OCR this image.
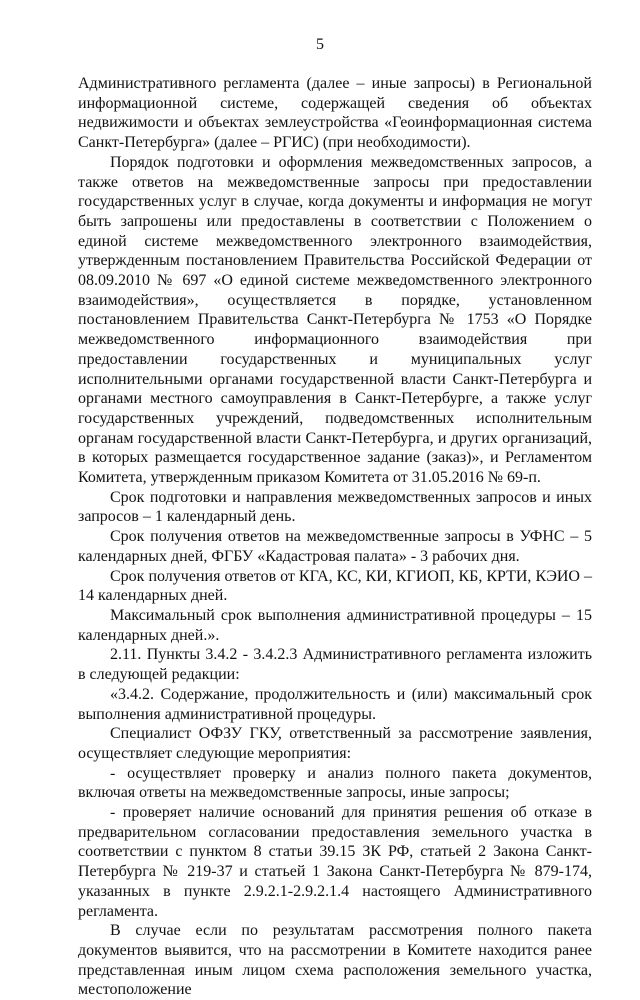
5

Административного регламента (далее – иные запросы) в Региональной информационной системе, содержащей сведения об объектах недвижимости и объектах землеустройства «Геоинформационная система Санкт-Петербурга» (далее – РГИС) (при необходимости).

Порядок подготовки и оформления межведомственных запросов, а также ответов на межведомственные запросы при предоставлении государственных услуг в случае, когда документы и информация не могут быть запрошены или предоставлены в соответствии с Положением о единой системе межведомственного электронного взаимодействия, утвержденным постановлением Правительства Российской Федерации от 08.09.2010 № 697 «О единой системе межведомственного электронного взаимодействия», осуществляется в порядке, установленном постановлением Правительства Санкт-Петербурга № 1753 «О Порядке межведомственного информационного взаимодействия при предоставлении государственных и муниципальных услуг исполнительными органами государственной власти Санкт-Петербурга и органами местного самоуправления в Санкт-Петербурге, а также услуг государственных учреждений, подведомственных исполнительным органам государственной власти Санкт-Петербурга, и других организаций, в которых размещается государственное задание (заказ)», и Регламентом Комитета, утвержденным приказом Комитета от 31.05.2016 № 69-п.

Срок подготовки и направления межведомственных запросов и иных запросов – 1 календарный день.

Срок получения ответов на межведомственные запросы в УФНС – 5 календарных дней, ФГБУ «Кадастровая палата» - 3 рабочих дня.

Срок получения ответов от КГА, КС, КИ, КГИОП, КБ, КРТИ, КЭИО – 14 календарных дней.

Максимальный срок выполнения административной процедуры – 15 календарных дней.».

2.11. Пункты 3.4.2 - 3.4.2.3 Административного регламента изложить в следующей редакции:

«3.4.2. Содержание, продолжительность и (или) максимальный срок выполнения административной процедуры.

Специалист ОФЗУ ГКУ, ответственный за рассмотрение заявления, осуществляет следующие мероприятия:

- осуществляет проверку и анализ полного пакета документов, включая ответы на межведомственные запросы, иные запросы;

- проверяет наличие оснований для принятия решения об отказе в предварительном согласовании предоставления земельного участка в соответствии с пунктом 8 статьи 39.15 ЗК РФ, статьей 2 Закона Санкт-Петербурга № 219-37 и статьей 1 Закона Санкт-Петербурга № 879-174, указанных в пункте 2.9.2.1-2.9.2.1.4 настоящего Административного регламента.

В случае если по результатам рассмотрения полного пакета документов выявится, что на рассмотрении в Комитете находится ранее представленная иным лицом схема расположения земельного участка, местоположение
